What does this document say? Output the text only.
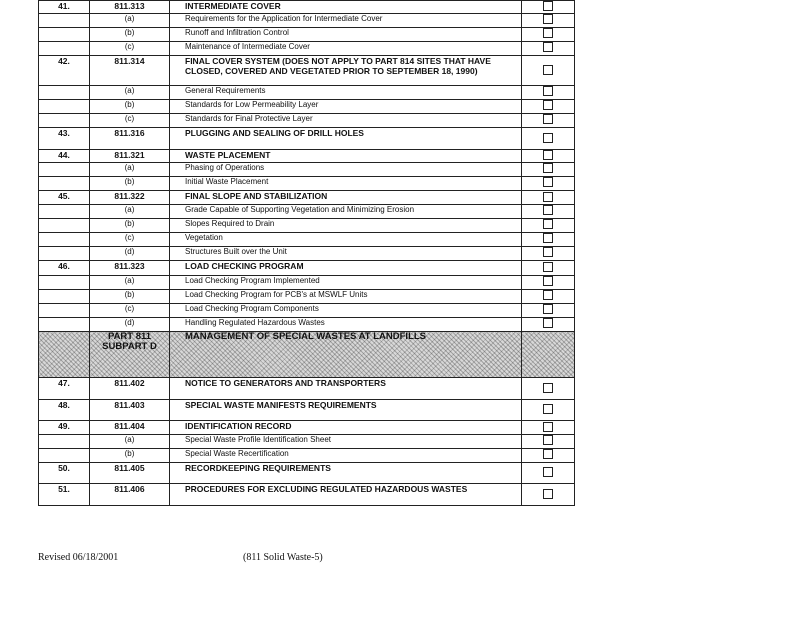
41.	811.313	INTERMEDIATE COVER	
	(a)	Requirements for the Application for Intermediate Cover	
	(b)	Runoff and Infiltration Control	
	(c)	Maintenance of Intermediate Cover	
42.	811.314	FINAL COVER SYSTEM (DOES NOT APPLY TO PART 814 SITES THAT HAVE CLOSED, COVERED AND VEGETATED PRIOR TO SEPTEMBER 18, 1990)	
	(a)	General Requirements	
	(b)	Standards for Low Permeability Layer	
	(c)	Standards for Final Protective Layer	
43.	811.316	PLUGGING AND SEALING OF DRILL HOLES	
44.	811.321	WASTE PLACEMENT	
	(a)	Phasing of Operations	
	(b)	Initial Waste Placement	
45.	811.322	FINAL SLOPE AND STABILIZATION	
	(a)	Grade Capable of Supporting Vegetation and Minimizing Erosion	
	(b)	Slopes Required to Drain	
	(c)	Vegetation	
	(d)	Structures Built over the Unit	
46.	811.323	LOAD CHECKING PROGRAM	
	(a)	Load Checking Program Implemented	
	(b)	Load Checking Program for PCB's at MSWLF Units	
	(c)	Load Checking Program Components	
	(d)	Handling Regulated Hazardous Wastes	
	PART 811 SUBPART D	MANAGEMENT OF SPECIAL WASTES AT LANDFILLS	
47.	811.402	NOTICE TO GENERATORS AND TRANSPORTERS	
48.	811.403	SPECIAL WASTE MANIFESTS REQUIREMENTS	
49.	811.404	IDENTIFICATION RECORD	
	(a)	Special Waste Profile Identification Sheet	
	(b)	Special Waste Recertification	
50.	811.405	RECORDKEEPING REQUIREMENTS	
51.	811.406	PROCEDURES FOR EXCLUDING REGULATED HAZARDOUS WASTES	
Revised 06/18/2001	(811 Solid Waste-5)
